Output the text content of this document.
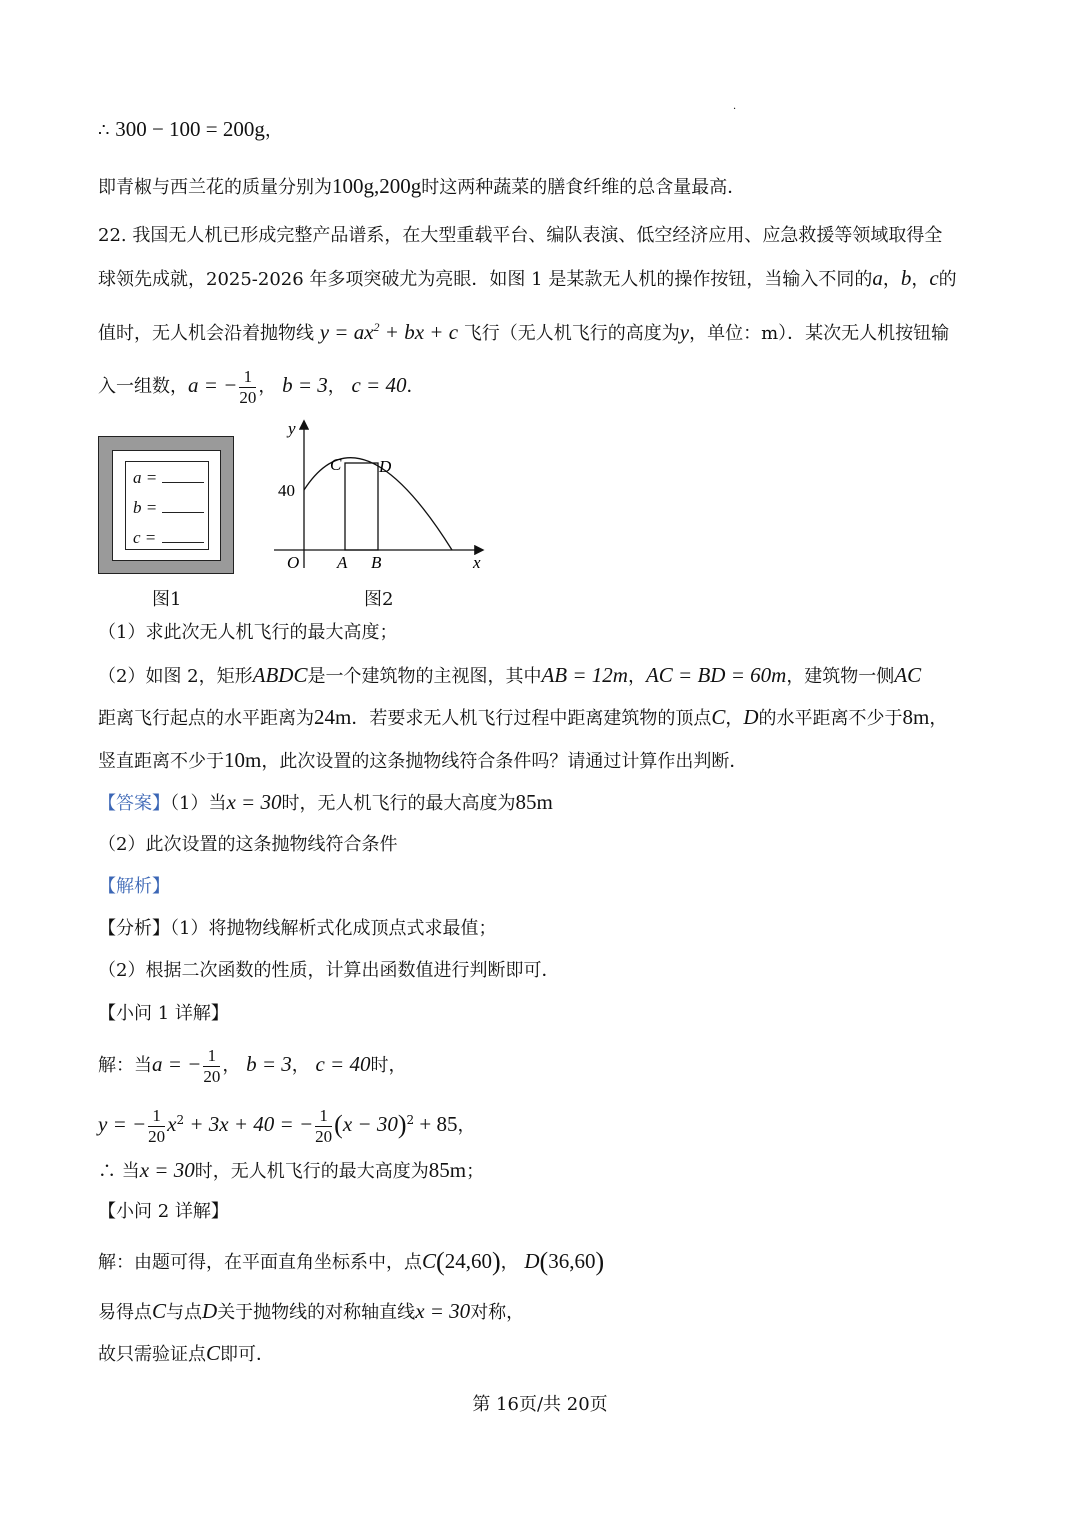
·
∴ 300 − 100 = 200g，
即青椒与西兰花的质量分别为100g,200g时这两种蔬菜的膳食纤维的总含量最高．
22. 我国无人机已形成完整产品谱系，在大型重载平台、编队表演、低空经济应用、应急救援等领域取得全
球领先成就，2025-2026 年多项突破尤为亮眼．如图 1 是某款无人机的操作按钮，当输入不同的a，b，c的
值时，无人机会沿着抛物线 $y = ax^2$ + bx + c 飞行（无人机飞行的高度为y，单位：m）．某次无人机按钮输
入一组数，a = − $\frac{1}{20}$ ， b = 3， c = 40．
a =
b =
c =
图1
y
x
O A B
C D
40
图2
（1）求此次无人机飞行的最大高度；
（2）如图 2，矩形ABDC是一个建筑物的主视图，其中AB = 12m，AC = BD = 60m，建筑物一侧AC
距离飞行起点的水平距离为24m．若要求无人机飞行过程中距离建筑物的顶点C，D的水平距离不少于8m，
竖直距离不少于10m，此次设置的这条抛物线符合条件吗？请通过计算作出判断．
【答案】（1）当x = 30时，无人机飞行的最大高度为85m
（2）此次设置的这条抛物线符合条件
【解析】
【分析】（1）将抛物线解析式化成顶点式求最值；
（2）根据二次函数的性质，计算出函数值进行判断即可．
【小问 1 详解】
解：当a = − $\frac{1}{20}$ ， b = 3， c = 40时，
y = − $\frac{1}{20} x^2 + 3x + 40$ = − $\frac{1}{20} (x - 30)^2 + 85$，
∴ 当x = 30时，无人机飞行的最大高度为85m；
【小问 2 详解】
解：由题可得，在平面直角坐标系中，点C(24,60)， D(36,60)
易得点C与点D关于抛物线的对称轴直线x = 30对称，
故只需验证点C即可．
第 16页/共 20页
